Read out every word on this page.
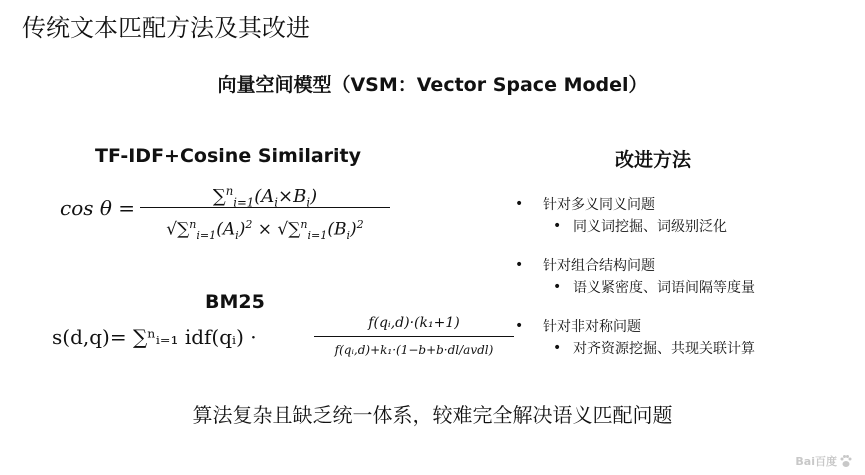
传统文本匹配方法及其改进
向量空间模型（VSM：Vector Space Model）
TF-IDF+Cosine Similarity
cos θ =	$\sum^n_{i=1}(A_i\times B_i)$
$√\sum^n_{i=1}(A_i)^2 \times √\sum^n_{i=1}(B_i)^2$
BM25
s(d,q)= ∑ⁿᵢ₌₁ idf(qᵢ) ·
f(qᵢ,d)·(k₁+1)
f(qᵢ,d)+k₁·(1−b+b·dl/avdl)
改进方法
•	针对多义同义问题
• 同义词挖掘、词级别泛化
•	针对组合结构问题
• 语义紧密度、词语间隔等度量
•	针对非对称问题
• 对齐资源挖掘、共现关联计算
算法复杂且缺乏统一体系，较难完全解决语义匹配问题
Bai百度
